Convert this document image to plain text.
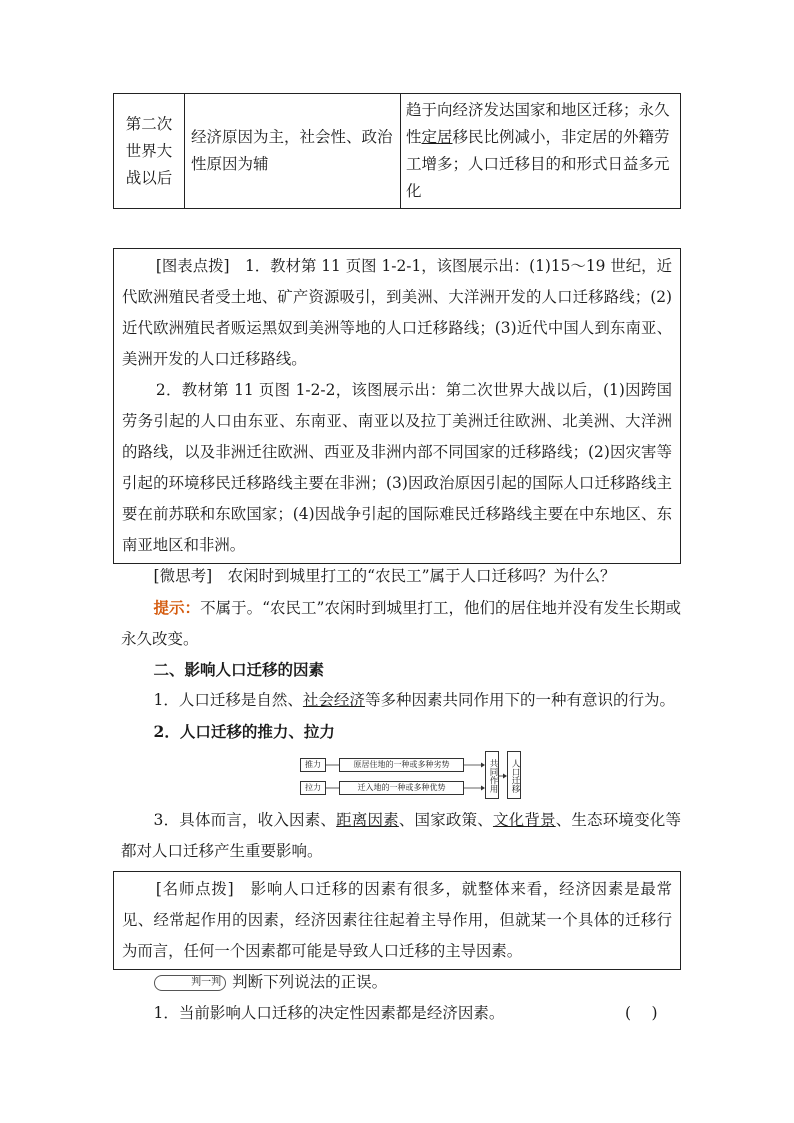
第二次
世界大
战以后

经济原因为主，社会性、政治
性原因为辅
	趋于向经济发达国家和地区迁移；永久性定居移民比例减小，非定居的外籍劳工增多；人口迁移目的和形式日益多元化

[图表点拨]　 1．教材第 11 页图 1-2-1，该图展示出：(1)15～19 世纪，近代欧洲殖民者受土地、矿产资源吸引，到美洲、大洋洲开发的人口迁移路线；(2)近代欧洲殖民者贩运黑奴到美洲等地的人口迁移路线；(3)近代中国人到东南亚、美洲开发的人口迁移路线。

2．教材第 11 页图 1-2-2，该图展示出：第二次世界大战以后，(1)因跨国劳务引起的人口由东亚、东南亚、南亚以及拉丁美洲迁往欧洲、北美洲、大洋洲的路线，以及非洲迁往欧洲、西亚及非洲内部不同国家的迁移路线；(2)因灾害等引起的环境移民迁移路线主要在非洲；(3)因政治原因引起的国际人口迁移路线主要在前苏联和东欧国家；(4)因战争引起的国际难民迁移路线主要在中东地区、东南亚地区和非洲。

[微思考]　 农闲时到城里打工的“农民工”属于人口迁移吗？为什么？
提示：不属于。“农民工”农闲时到城里打工，他们的居住地并没有发生长期或永久改变。
二、影响人口迁移的因素
1．人口迁移是自然、社会经济等多种因素共同作用下的一种有意识的行为。
2．人口迁移的推力、拉力
推力
拉力
原居住地的一种或多种劣势
迁入地的一种或多种优势	共同作用	人口迁移
3．具体而言，收入因素、距离因素、国家政策、文化背景、生态环境变化等都对人口迁移产生重要影响。

[名师点拨]　 影响人口迁移的因素有很多，就整体来看，经济因素是最常见、经常起作用的因素，经济因素往往起着主导作用，但就某一个具体的迁移行为而言，任何一个因素都可能是导致人口迁移的主导因素。

判一判 判断下列说法的正误。
1．当前影响人口迁移的决定性因素都是经济因素。	(　 )
